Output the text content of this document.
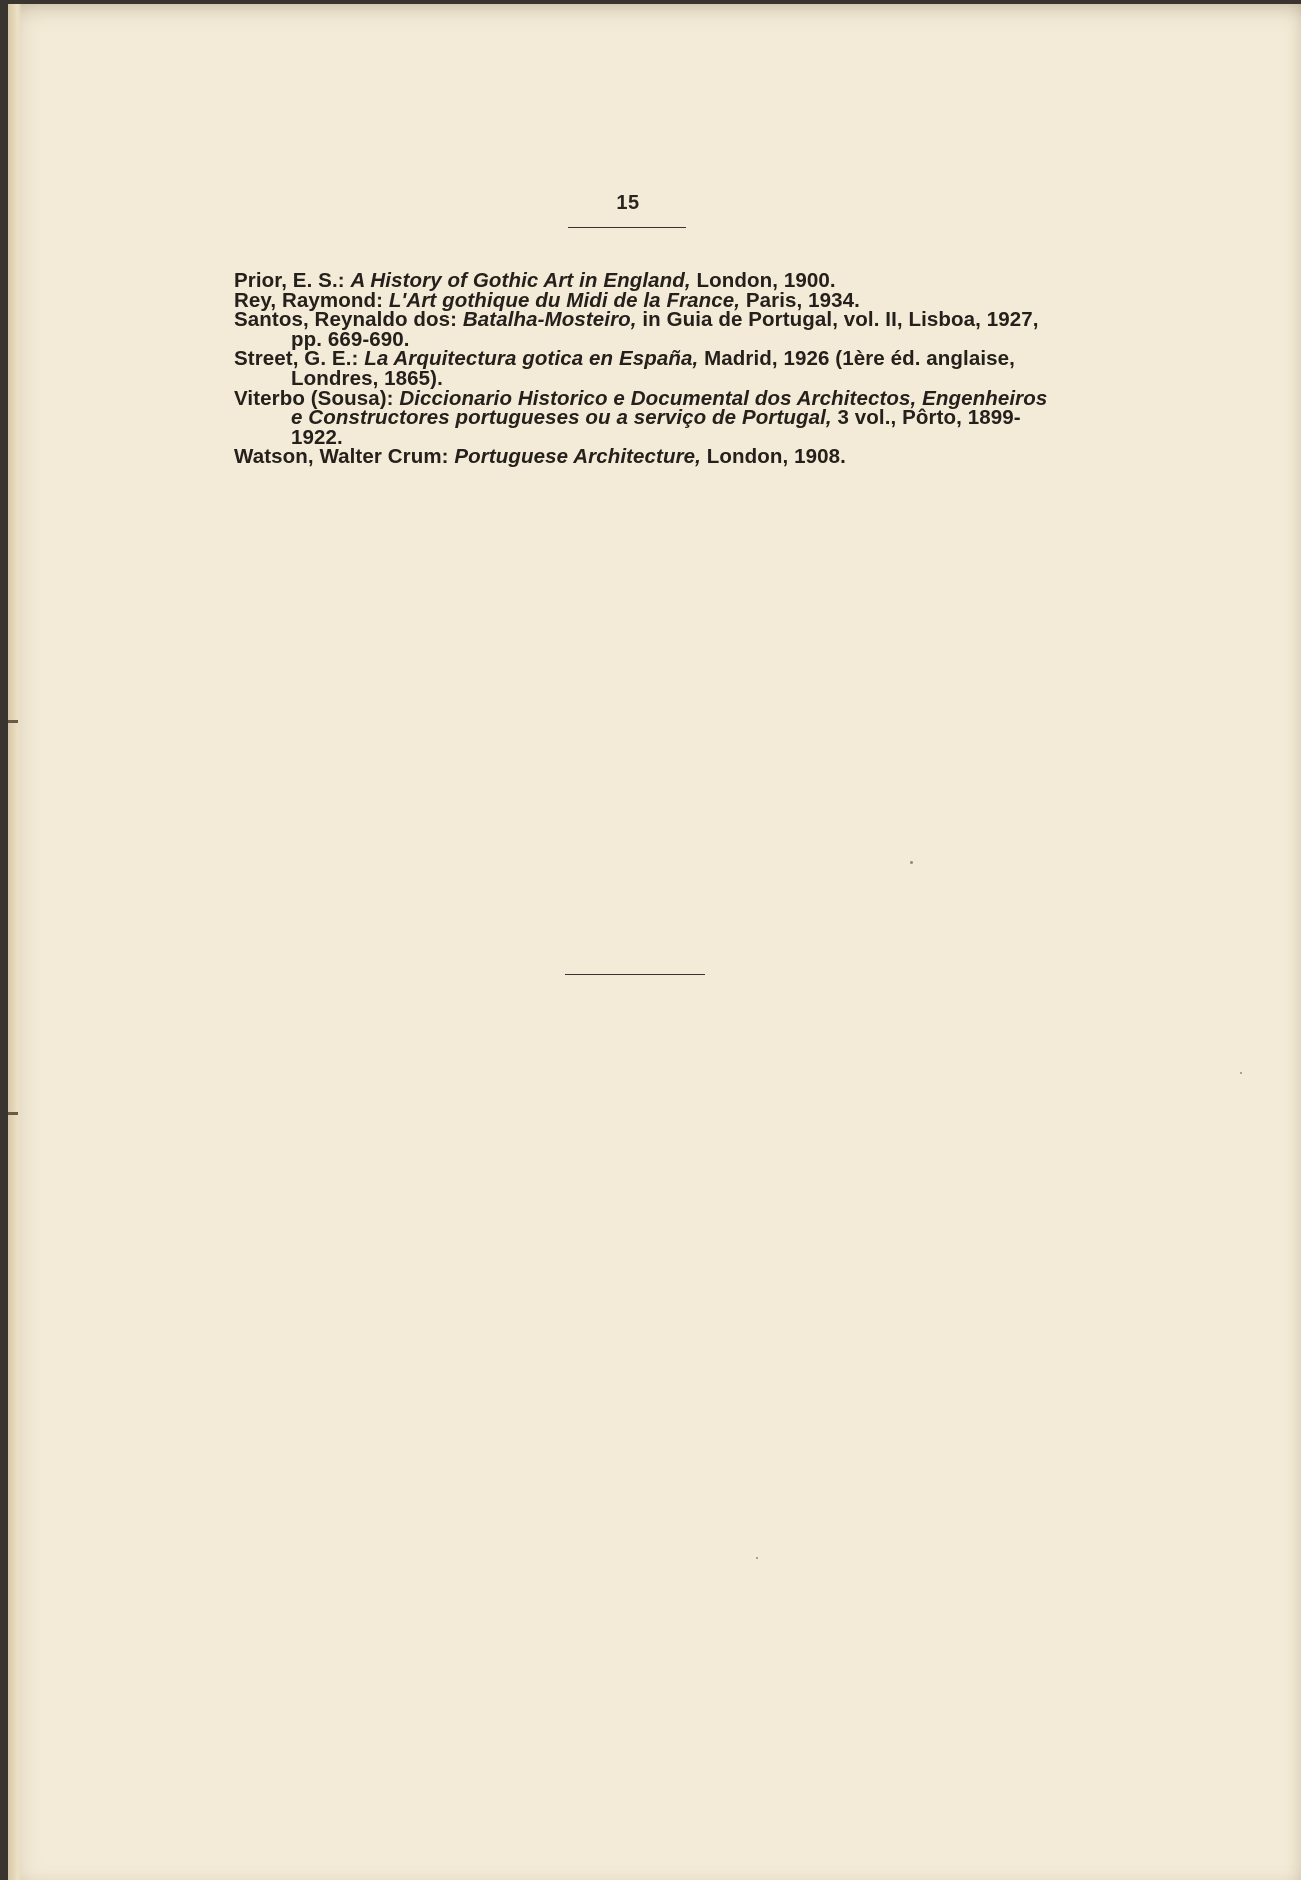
15
Prior, E. S.: A History of Gothic Art in England, London, 1900.
Rey, Raymond: L'Art gothique du Midi de la France, Paris, 1934.
Santos, Reynaldo dos: Batalha-Mosteiro, in Guia de Portugal, vol. II, Lisboa, 1927, pp. 669-690.
Street, G. E.: La Arquitectura gotica en España, Madrid, 1926 (1ère éd. anglaise, Londres, 1865).
Viterbo (Sousa): Diccionario Historico e Documental dos Architectos, Engenheiros e Constructores portugueses ou a serviço de Portugal, 3 vol., Pôrto, 1899-1922.
Watson, Walter Crum: Portuguese Architecture, London, 1908.
